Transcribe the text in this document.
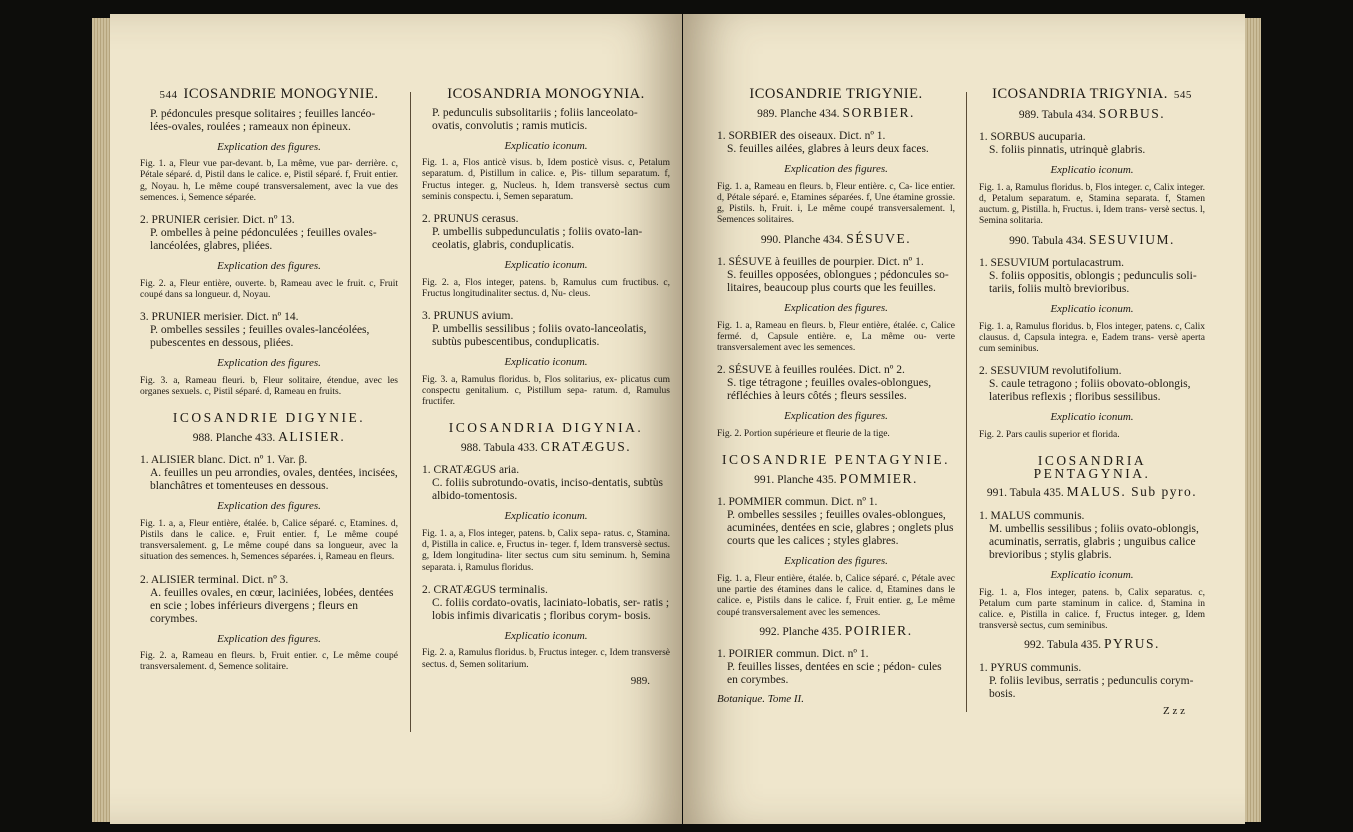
544 ICOSANDRIE MONOGYNIE.
P. pédoncules presque solitaires ; feuilles lancéo- lées-ovales, roulées ; rameaux non épineux.
Explication des figures.
Fig. 1. a, Fleur vue par-devant. b, La même, vue par- derrière. c, Pétale séparé. d, Pistil dans le calice. e, Pistil séparé. f, Fruit entier. g, Noyau. h, Le même coupé transversalement, avec la vue des semences. i, Semence séparée.
2. PRUNIER cerisier. Dict. nº 13.
P. ombelles à peine pédonculées ; feuilles ovales- lancéolées, glabres, pliées.
Explication des figures.
Fig. 2. a, Fleur entière, ouverte. b, Rameau avec le fruit. c, Fruit coupé dans sa longueur. d, Noyau.
3. PRUNIER merisier. Dict. nº 14.
P. ombelles sessiles ; feuilles ovales-lancéolées, pubescentes en dessous, pliées.
Explication des figures.
Fig. 3. a, Rameau fleuri. b, Fleur solitaire, étendue, avec les organes sexuels. c, Pistil séparé. d, Rameau en fruits.
ICOSANDRIE DIGYNIE.
988. Planche 433. ALISIER.
1. ALISIER blanc. Dict. nº 1. Var. β.
A. feuilles un peu arrondies, ovales, dentées, incisées, blanchâtres et tomenteuses en dessous.
Explication des figures.
Fig. 1. a, a, Fleur entière, étalée. b, Calice séparé. c, Etamines. d, Pistils dans le calice. e, Fruit entier. f, Le même coupé transversalement. g, Le même coupé dans sa longueur, avec la situation des semences. h, Semences séparées. i, Rameau en fleurs.
2. ALISIER terminal. Dict. nº 3.
A. feuilles ovales, en cœur, laciniées, lobées, dentées en scie ; lobes inférieurs divergens ; fleurs en corymbes.
Explication des figures.
Fig. 2. a, Rameau en fleurs. b, Fruit entier. c, Le même coupé transversalement. d, Semence solitaire.
ICOSANDRIA MONOGYNIA.
P. pedunculis subsolitariis ; foliis lanceolato- ovatis, convolutis ; ramis muticis.
Explicatio iconum.
Fig. 1. a, Flos anticè visus. b, Idem posticè visus. c, Petalum separatum. d, Pistillum in calice. e, Pis- tillum separatum. f, Fructus integer. g, Nucleus. h, Idem transversè sectus cum seminis conspectu. i, Semen separatum.
2. PRUNUS cerasus.
P. umbellis subpedunculatis ; foliis ovato-lan- ceolatis, glabris, conduplicatis.
Explicatio iconum.
Fig. 2. a, Flos integer, patens. b, Ramulus cum fructibus. c, Fructus longitudinaliter sectus. d, Nu- cleus.
3. PRUNUS avium.
P. umbellis sessilibus ; foliis ovato-lanceolatis, subtùs pubescentibus, conduplicatis.
Explicatio iconum.
Fig. 3. a, Ramulus floridus. b, Flos solitarius, ex- plicatus cum conspectu genitalium. c, Pistillum sepa- ratum. d, Ramulus fructifer.
ICOSANDRIA DIGYNIA.
988. Tabula 433. CRATÆGUS.
1. CRATÆGUS aria.
C. foliis subrotundo-ovatis, inciso-dentatis, subtùs albido-tomentosis.
Explicatio iconum.
Fig. 1. a, a, Flos integer, patens. b, Calix sepa- ratus. c, Stamina. d, Pistilla in calice. e, Fructus in- teger. f, Idem transversè sectus. g, Idem longitudina- liter sectus cum situ seminum. h, Semina separata. i, Ramulus floridus.
2. CRATÆGUS terminalis.
C. foliis cordato-ovatis, laciniato-lobatis, ser- ratis ; lobis infimis divaricatis ; floribus corym- bosis.
Explicatio iconum.
Fig. 2. a, Ramulus floridus. b, Fructus integer. c, Idem transversè sectus. d, Semen solitarium.
989.
ICOSANDRIE TRIGYNIE.
989. Planche 434. SORBIER.
1. SORBIER des oiseaux. Dict. nº 1.
S. feuilles ailées, glabres à leurs deux faces.
Explication des figures.
Fig. 1. a, Rameau en fleurs. b, Fleur entière. c, Ca- lice entier. d, Pétale séparé. e, Etamines séparées. f, Une étamine grossie. g, Pistils. h, Fruit. i, Le même coupé transversalement. l, Semences solitaires.
990. Planche 434. SÉSUVE.
1. SÉSUVE à feuilles de pourpier. Dict. nº 1.
S. feuilles opposées, oblongues ; pédoncules so- litaires, beaucoup plus courts que les feuilles.
Explication des figures.
Fig. 1. a, Rameau en fleurs. b, Fleur entière, étalée. c, Calice fermé. d, Capsule entière. e, La même ou- verte transversalement avec les semences.
2. SÉSUVE à feuilles roulées. Dict. nº 2.
S. tige tétragone ; feuilles ovales-oblongues, réfléchies à leurs côtés ; fleurs sessiles.
Explication des figures.
Fig. 2. Portion supérieure et fleurie de la tige.
ICOSANDRIE PENTAGYNIE.
991. Planche 435. POMMIER.
1. POMMIER commun. Dict. nº 1.
P. ombelles sessiles ; feuilles ovales-oblongues, acuminées, dentées en scie, glabres ; onglets plus courts que les calices ; styles glabres.
Explication des figures.
Fig. 1. a, Fleur entière, étalée. b, Calice séparé. c, Pétale avec une partie des étamines dans le calice. d, Etamines dans le calice. e, Pistils dans le calice. f, Fruit entier. g, Le même coupé transversalement avec les semences.
992. Planche 435. POIRIER.
1. POIRIER commun. Dict. nº 1.
P. feuilles lisses, dentées en scie ; pédon- cules en corymbes.
Botanique. Tome II.
ICOSANDRIA TRIGYNIA. 545
989. Tabula 434. SORBUS.
1. SORBUS aucuparia.
S. foliis pinnatis, utrinquè glabris.
Explicatio iconum.
Fig. 1. a, Ramulus floridus. b, Flos integer. c, Calix integer. d, Petalum separatum. e, Stamina separata. f, Stamen auctum. g, Pistilla. h, Fructus. i, Idem trans- versè sectus. l, Semina solitaria.
990. Tabula 434. SESUVIUM.
1. SESUVIUM portulacastrum.
S. foliis oppositis, oblongis ; pedunculis soli- tariis, foliis multò brevioribus.
Explicatio iconum.
Fig. 1. a, Ramulus floridus. b, Flos integer, patens. c, Calix clausus. d, Capsula integra. e, Eadem trans- versè aperta cum seminibus.
2. SESUVIUM revolutifolium.
S. caule tetragono ; foliis obovato-oblongis, lateribus reflexis ; floribus sessilibus.
Explicatio iconum.
Fig. 2. Pars caulis superior et florida.
ICOSANDRIA PENTAGYNIA.
991. Tabula 435. MALUS. Sub pyro.
1. MALUS communis.
M. umbellis sessilibus ; foliis ovato-oblongis, acuminatis, serratis, glabris ; unguibus calice brevioribus ; stylis glabris.
Explicatio iconum.
Fig. 1. a, Flos integer, patens. b, Calix separatus. c, Petalum cum parte staminum in calice. d, Stamina in calice. e, Pistilla in calice. f, Fructus integer. g, Idem transversè sectus, cum seminibus.
992. Tabula 435. PYRUS.
1. PYRUS communis.
P. foliis levibus, serratis ; pedunculis corym- bosis.
Z z z
